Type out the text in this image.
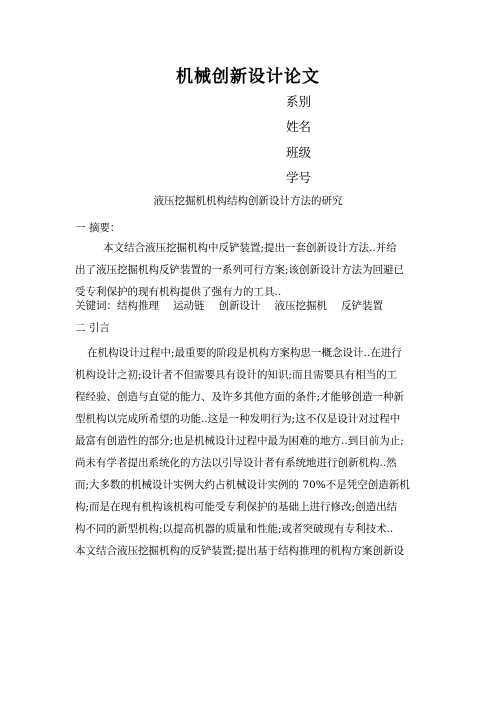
机械创新设计论文
系别
姓名
班级
学号
液压挖掘机机构结构创新设计方法的研究
一 摘要：
本文结合液压挖掘机构中反铲装置;提出一套创新设计方法..并给
出了液压挖掘机构反铲装置的一系列可行方案;该创新设计方法为回避已
受专利保护的现有机构提供了强有力的工具..
关键词：结构推理 运动链 创新设计 液压挖掘机 反铲装置
二 引言
在机构设计过程中;最重要的阶段是机构方案构思一概念设计..在进行
机构设计之初;设计者不但需要具有设计的知识;而且需要具有相当的工
程经验、创造与直觉的能力、及许多其他方面的条件;才能够创造一种新
型机构以完成所希望的功能..这是一种发明行为;这不仅是设计对过程中
最富有创造性的部分;也是机械设计过程中最为困难的地方..到目前为止;
尚未有学者提出系统化的方法以引导设计者有系统地进行创新机构..然
而;大多数的机械设计实例大约占机械设计实例的 70%不是凭空创造新机
构;而是在现有机构该机构可能受专利保护的基础上进行修改;创造出结
构不同的新型机构;以提高机器的质量和性能;或者突破现有专利技术..
本文结合液压挖掘机构的反铲装置;提出基于结构推理的机构方案创新设
